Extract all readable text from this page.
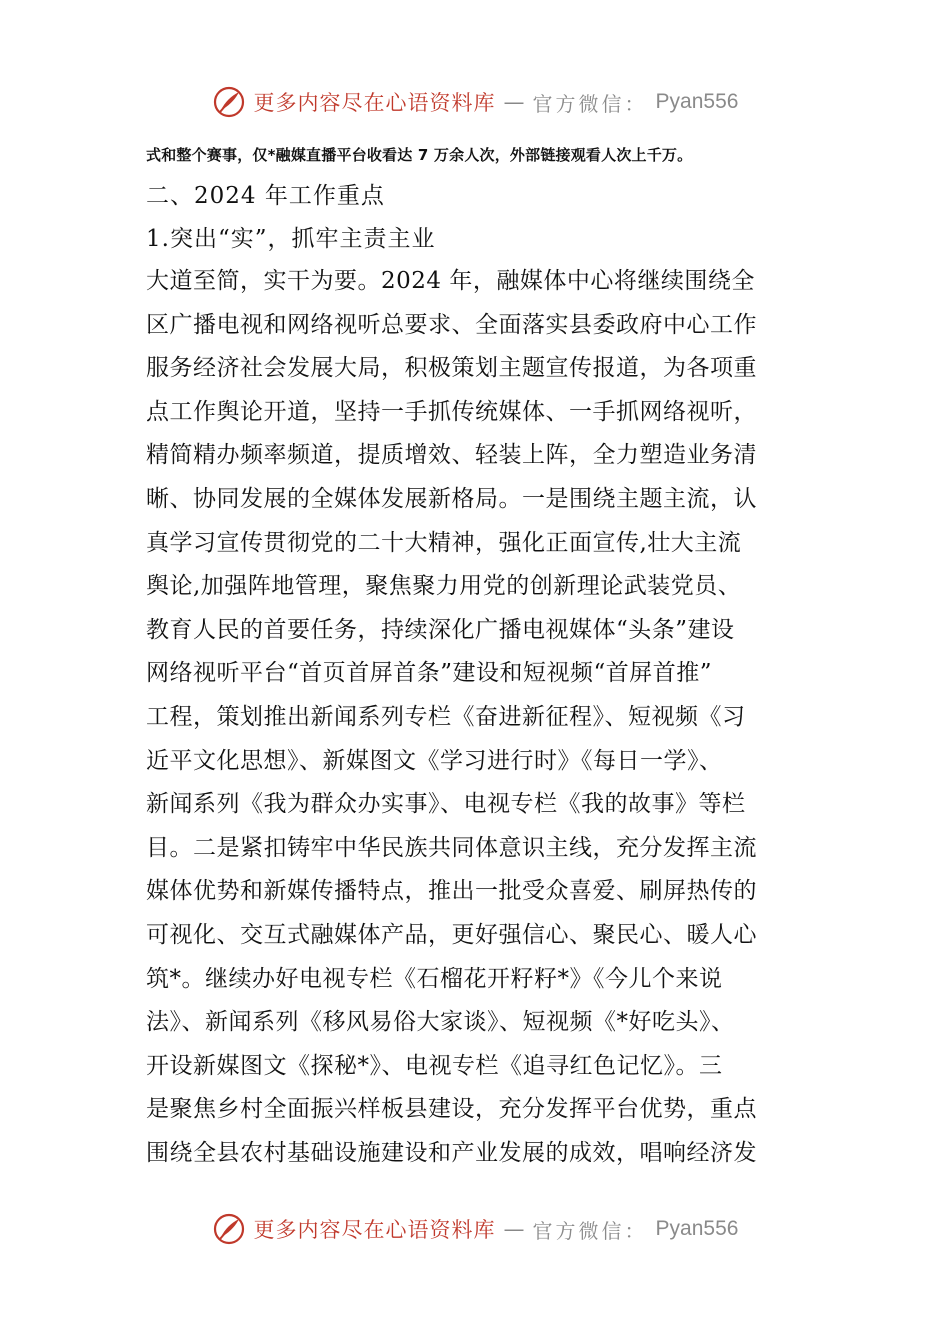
更多内容尽在心语资料库 — 官方微信： Pyan556
式和整个赛事，仅*融媒直播平台收看达 7 万余人次，外部链接观看人次上千万。
二、2024 年工作重点
1.突出“实”，抓牢主责主业
大道至简，实干为要。2024 年，融媒体中心将继续围绕全
区广播电视和网络视听总要求、全面落实县委政府中心工作
服务经济社会发展大局，积极策划主题宣传报道，为各项重
点工作舆论开道，坚持一手抓传统媒体、一手抓网络视听，
精简精办频率频道，提质增效、轻装上阵，全力塑造业务清
晰、协同发展的全媒体发展新格局。一是围绕主题主流，认
真学习宣传贯彻党的二十大精神，强化正面宣传,壮大主流
舆论,加强阵地管理，聚焦聚力用党的创新理论武装党员、
教育人民的首要任务，持续深化广播电视媒体“头条”建设
网络视听平台“首页首屏首条”建设和短视频“首屏首推”
工程，策划推出新闻系列专栏《奋进新征程》、短视频《习
近平文化思想》、新媒图文《学习进行时》《每日一学》、
新闻系列《我为群众办实事》、电视专栏《我的故事》等栏
目。二是紧扣铸牢中华民族共同体意识主线，充分发挥主流
媒体优势和新媒传播特点，推出一批受众喜爱、刷屏热传的
可视化、交互式融媒体产品，更好强信心、聚民心、暖人心
筑*。继续办好电视专栏《石榴花开籽籽*》《今儿个来说
法》、新闻系列《移风易俗大家谈》、短视频《*好吃头》、
开设新媒图文《探秘*》、电视专栏《追寻红色记忆》。三
是聚焦乡村全面振兴样板县建设，充分发挥平台优势，重点
围绕全县农村基础设施建设和产业发展的成效，唱响经济发
更多内容尽在心语资料库 — 官方微信： Pyan556
